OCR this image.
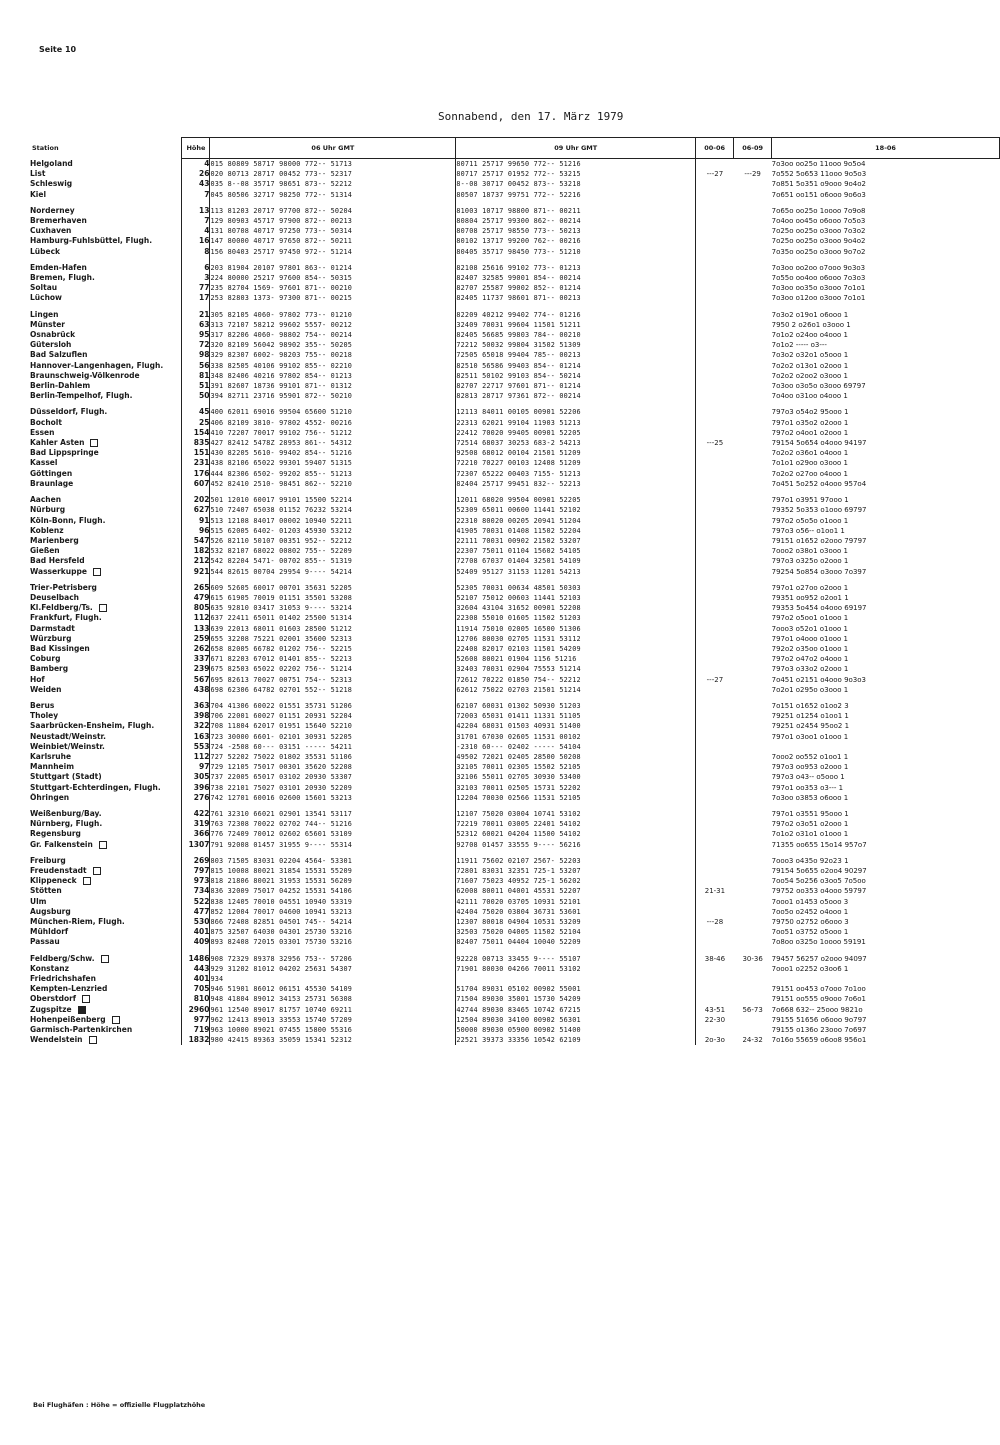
Seite 10
Sonnabend, den 17. März 1979
Station	Höhe	06 Uhr GMT	09 Uhr GMT	00-06	06-09	18-06
Helgoland	4	015 80809 58717 98000 772-- 51713	80711 25717 99650 772-- 51216			7o3oo oo25o 11ooo 9o5o4
List	26	020 80713 28717 00452 773-- 52317	80717 25717 01952 772-- 53215	---27	---29	7o552 5o653 11ooo 9o5o3
Schleswig	43	035 8--08 35717 98651 873-- 52212	8--08 30717 00452 873-- 53218			7o851 5o351 o9ooo 9o4o2
Kiel	7	045 80506 32717 98250 772-- 51314	80507 18737 99751 772-- 52216			7o651 oo151 o6ooo 9o6o3

Norderney	13	113 81203 20717 97700 872-- 50204	81003 10717 98800 871-- 00211			7o65o oo25o 1oooo 7o9o8
Bremerhaven	7	129 80903 45717 97900 872-- 00213	80804 25717 99300 862-- 00214			7o4oo oo45o o6ooo 7o5o3
Cuxhaven	4	131 80708 40717 97250 773-- 50314	80708 25717 98550 773-- 50213			7o25o oo25o o3ooo 7o3o2
Hamburg-Fuhlsbüttel, Flugh.	16	147 80000 40717 97650 872-- 50211	80102 13717 99200 762-- 00216			7o25o oo25o o3ooo 9o4o2
Lübeck	8	156 80403 25717 97450 972-- 51214	80405 35717 98450 773-- 51210			7o35o oo25o o3ooo 9o7o2

Emden-Hafen	6	203 81904 20107 97801 863-- 01214	82108 25616 99102 773-- 01213			7o3oo oo2oo o7ooo 9o3o3
Bremen, Flugh.	3	224 80000 25217 97600 854-- 50315	82407 32585 99001 854-- 00214			7o55o oo4oo o6ooo 7o3o3
Soltau	77	235 82704 1569- 97601 871-- 00210	82707 25587 99002 852-- 01214			7o3oo oo35o o3ooo 7o1o1
Lüchow	17	253 82803 1373- 97300 871-- 00215	82405 11737 98601 871-- 00213			7o3oo o12oo o3ooo 7o1o1

Lingen	21	305 82105 4060- 97802 773-- 01210	82209 40212 99402 774-- 01216			7o3o2 o19o1 o6ooo 1
Münster	63	313 72107 58212 99602 5557- 00212	32409 70031 99604 11501 51211			7950 2 o26o1 o3ooo 1
Osnabrück	95	317 82206 4060- 98802 754-- 00214	82405 56685 99803 784-- 00210			7o1o2 o24oo o4ooo 1
Gütersloh	72	320 82109 56042 98902 355-- 50205	72212 50032 99804 31502 51309			7o1o2 ----- o3---
Bad Salzuflen	98	329 82307 6002- 98203 755-- 00218	72505 65018 99404 785-- 00213			7o3o2 o32o1 o5ooo 1
Hannover-Langenhagen, Flugh.	56	338 82505 40106 99102 855-- 02210	82510 56586 99403 854-- 01214			7o2o2 o13o1 o2ooo 1
Braunschweig-Völkenrode	81	348 82406 40216 97802 854-- 01213	82511 50102 99103 854-- 50214			7o2o2 o2oo2 o3ooo 1
Berlin-Dahlem	51	391 82607 18736 99101 871-- 01312	82707 22717 97601 871-- 01214			7o3oo o3o5o o3ooo 69797
Berlin-Tempelhof, Flugh.	50	394 82711 23716 95901 872-- 50210	82813 28717 97361 872-- 00214			7o4oo o31oo o4ooo 1

Düsseldorf, Flugh.	45	400 62011 69016 99504 65600 51210	12113 84011 00105 00901 52206			797o3 o54o2 95ooo 1
Bocholt	25	406 82109 3810- 97802 4552- 00216	22313 62021 99104 11903 51213			797o1 o35o2 o2ooo 1
Essen	154	410 72207 70017 99102 756-- 51212	22412 70020 99405 00901 52205			797o2 o4oo1 o2ooo 1
Kahler Asten	835	427 82412 5478Z 28953 861-- 54312	72514 68037 30253 683-2 54213	---25		79154 5o654 o4ooo 94197
Bad Lippspringe	151	430 82205 5610- 99402 854-- 51216	92508 68012 00104 21501 51209			7o2o2 o36o1 o4ooo 1
Kassel	231	438 82106 65022 99301 59407 51315	72210 70227 00103 12408 51209			7o1o1 o29oo o3ooo 1
Göttingen	176	444 82306 6502- 99202 855-- 51213	72307 65222 00403 7155- 51213			7o2o2 o27oo o4ooo 1
Braunlage	607	452 82410 2510- 98451 862-- 52210	82404 25717 99451 832-- 52213			7o451 5o252 o4ooo 957o4

Aachen	202	501 12010 60017 99101 15500 52214	12011 68020 99504 00901 52205			797o1 o3951 97ooo 1
Nürburg	627	510 72407 65038 01152 76232 53214	52309 65011 00600 11441 52102			79352 5o353 o1ooo 69797
Köln-Bonn, Flugh.	91	513 12108 84017 00002 10940 52211	22310 80020 00205 20941 51204			797o2 o5o5o o1ooo 1
Koblenz	96	515 62005 6402- 01203 45930 53212	41905 70031 01408 11502 52204			797o3 o56-- o1oo1 1
Marienberg	547	526 82110 50107 00351 952-- 52212	22111 70031 00902 21502 53207			79151 o1652 o2ooo 79797
Gießen	182	532 82107 68022 00802 755-- 52209	22307 75011 01104 15602 54105			7ooo2 o38o1 o3ooo 1
Bad Hersfeld	212	542 82204 5471- 00702 855-- 51319	72708 67037 01404 32501 54109			797o3 o325o o2ooo 1
Wasserkuppe	921	544 82615 00704 29954 9---- 54214	52409 95127 31153 11201 54213			79254 5o854 o3ooo 7o397

Trier-Petrisberg	265	609 52605 60017 00701 35631 52205	52305 70031 00634 48501 50303			797o1 o27oo o2ooo 1
Deuselbach	479	615 61905 70019 01151 35501 53208	52107 75012 00603 11441 52103			79351 oo952 o2oo1 1
Kl.Feldberg/Ts.	805	635 92810 03417 31053 9---- 53214	32604 43104 31652 00901 52208			79353 5o454 o4ooo 69197
Frankfurt, Flugh.	112	637 22411 65011 01402 25500 51314	22308 55010 01605 11502 51203			797o2 o5oo1 o1ooo 1
Darmstadt	133	639 22013 68011 01603 28500 51212	11914 75010 02005 16500 51306			7ooo3 o52o1 o1ooo 1
Würzburg	259	655 32208 75221 02001 35600 52313	12706 80030 02705 11531 53112			797o1 o4ooo o1ooo 1
Bad Kissingen	262	658 82005 66782 01202 756-- 52215	22408 82017 02103 11501 54209			792o2 o35oo o1ooo 1
Coburg	337	671 82203 67012 01401 855-- 52213	52608 80021 01904 1156 51216			797o2 o47o2 o4ooo 1
Bamberg	239	675 82503 65022 02202 756-- 51214	32403 70031 02904 75553 51214			797o3 o33o2 o2ooo 1
Hof	567	695 82613 70027 00751 754-- 52313	72612 70222 01850 754-- 52212	---27		7o451 o2151 o4ooo 9o3o3
Weiden	438	698 62306 64782 02701 552-- 51218	62612 75022 02703 21501 51214			7o2o1 o295o o3ooo 1

Berus	363	704 41306 60022 01551 35731 51206	62107 60031 01302 50930 51203			7o151 o1652 o1oo2 3
Tholey	398	706 22001 60027 01151 20931 52204	72003 65031 01411 11331 51105			79251 o1254 o1oo1 1
Saarbrücken-Ensheim, Flugh.	322	708 11804 62017 01951 15640 52210	42204 68031 01503 40931 51400			79251 o2454 95oo2 1
Neustadt/Weinstr.	163	723 30000 6601- 02101 30931 52205	31701 67030 02605 11531 00102			797o1 o3oo1 o1ooo 1
Weinbiet/Weinstr.	553	724 -2508 60--- 03151 ----- 54211	-2310 60--- 02402 ----- 54104			
Karlsruhe	112	727 52202 75022 01802 35531 51106	49502 72021 02405 28500 50208			7ooo2 oo552 o1oo1 1
Mannheim	97	729 12105 75017 00301 35620 52208	32105 70011 02305 15502 52105			797o3 oo953 o2ooo 1
Stuttgart (Stadt)	305	737 22005 65017 03102 20930 53307	32106 55011 02705 30930 53400			797o3 o43-- o5ooo 1
Stuttgart-Echterdingen, Flugh.	396	738 22101 75027 03101 20930 52209	32103 70011 02505 15731 52202			797o1 oo353 o3--- 1
Öhringen	276	742 12701 60016 02600 15601 53213	12204 70030 02566 11531 52105			7o3oo o3853 o6ooo 1

Weißenburg/Bay.	422	761 32310 66021 02901 13541 53117	12107 75020 03004 10741 53102			797o1 o3551 95ooo 1
Nürnberg, Flugh.	319	763 72308 70022 02702 744-- 51216	72219 70011 03005 22401 54102			797o2 o3o51 o2ooo 1
Regensburg	366	776 72409 70012 02602 65601 53109	52312 60021 04204 11500 54102			7o1o2 o31o1 o1ooo 1
Gr. Falkenstein	1307	791 92008 01457 31955 9---- 55314	92708 01457 33555 9---- 56216			71355 oo655 15o14 957o7

Freiburg	269	803 71505 83031 02204 4564- 53301	11911 75602 02107 2567- 52203			7ooo3 o435o 92o23 1
Freudenstadt	797	815 10008 80021 31854 15531 55209	72801 83031 32351 725-1 53207			79154 5o655 o2oo4 90297
Klippeneck	973	818 21806 80021 31953 15531 56209	71607 75023 40952 725-1 56202			7oo54 5o256 o3oo5 7o5oo
Stötten	734	836 32009 75017 04252 15531 54106	62008 80011 04001 45531 52207	21-31		79752 oo353 o4ooo 59797
Ulm	522	838 12405 70010 04551 10940 53319	42111 70020 03705 10931 52101			7ooo1 o1453 o5ooo 3
Augsburg	477	852 12004 70017 04600 10941 53213	42404 75020 03804 36731 53601			7oo5o o2452 o4ooo 1
München-Riem, Flugh.	530	866 72408 82851 04501 745-- 54214	12307 80018 04904 10531 53209	---28		79750 o2752 o6ooo 3
Mühldorf	401	875 32507 64030 04301 25730 53216	32503 75020 04005 11502 52104			7oo51 o3752 o5ooo 1
Passau	409	893 82408 72015 03301 75730 53216	82407 75011 04404 10040 52209			7o8oo o325o 1oooo 59191

Feldberg/Schw.	1486	908 72329 89378 32956 753-- 57206	92228 00713 33455 9---- 55107	38-46	30-36	79457 56257 o2ooo 94097
Konstanz	443	929 31202 81012 04202 25631 54307	71901 80030 04266 70011 53102			7ooo1 o2252 o3oo6 1
Friedrichshafen	401	934				
Kempten-Lenzried	705	946 51901 86012 06151 45530 54109	51704 89031 05102 00902 55001			79151 oo453 o7ooo 7o1oo
Oberstdorf	810	948 41804 89012 34153 25731 56308	71504 89030 35001 15730 54209			79151 oo555 o9ooo 7o6o1
Zugspitze	2960	961 12540 89017 81757 10740 69211	42744 89030 83465 10742 67215	43-51	56-73	7o668 632-- 25ooo 9821o
Hohenpeißenberg	977	962 12413 89013 33553 15740 57209	12504 89030 34100 00902 56301	22-30		79155 51656 o6ooo 9o797
Garmisch-Partenkirchen	719	963 10000 89021 07455 15800 55316	50000 89030 05900 00902 51400			79155 o136o 23ooo 7o697
Wendelstein	1832	980 42415 89363 35059 15341 52312	22521 39373 33356 10542 62109	2o-3o	24-32	7o16o 55659 o6oo8 956o1
Bei Flughäfen : Höhe = offizielle Flugplatzhöhe
